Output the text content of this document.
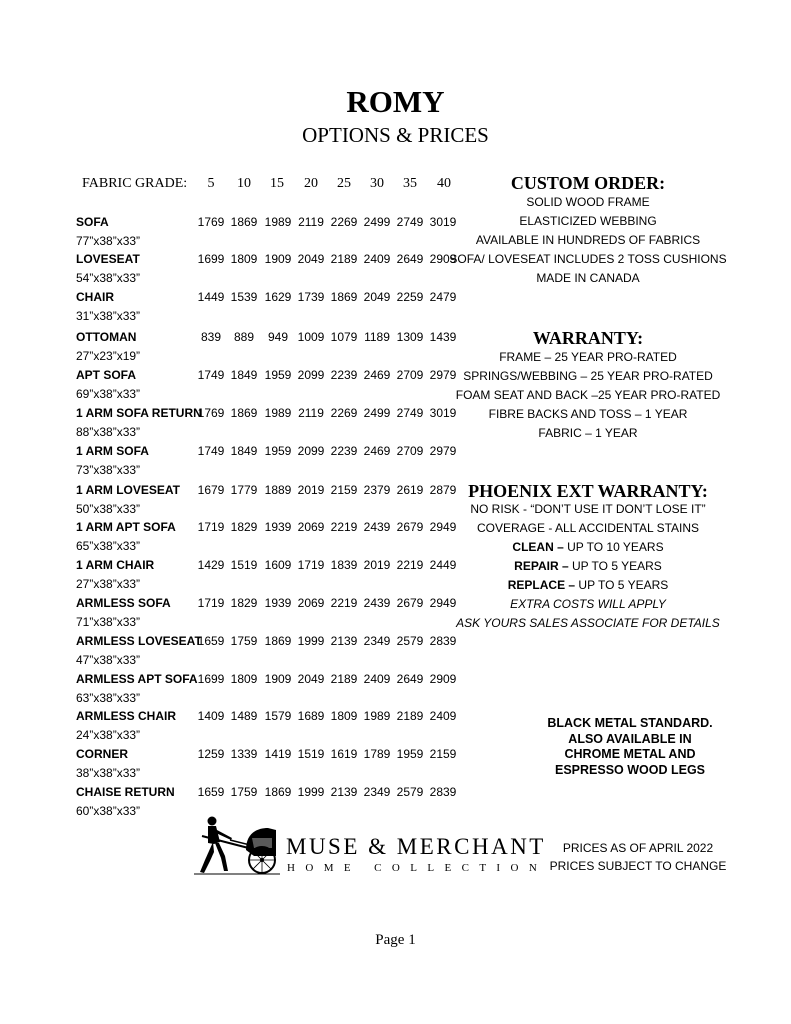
ROMY
OPTIONS & PRICES
FABRIC GRADE:	5	10	15	20	25	30	35	40
SOFA
77”x38”x33”
1769 1869 1989 2119 2269 2499 2749 3019
LOVESEAT
54”x38”x33”
1699 1809 1909 2049 2189 2409 2649 2909
CHAIR
31”x38”x33”
1449 1539 1629 1739 1869 2049 2259 2479
OTTOMAN
27”x23”x19”
839	889	949 1009 1079 1189 1309 1439
APT SOFA
69”x38”x33”
1749 1849 1959 2099 2239 2469 2709 2979
1 ARM SOFA RETURN
88”x38”x33”
1769 1869 1989 2119 2269 2499 2749 3019
1 ARM SOFA
73”x38”x33”
1749 1849 1959 2099 2239 2469 2709 2979
1 ARM LOVESEAT
50”x38”x33”
1679 1779 1889 2019 2159 2379 2619 2879
1 ARM APT SOFA
65”x38”x33”
1719 1829 1939 2069 2219 2439 2679 2949
1 ARM CHAIR
27”x38”x33”
1429 1519 1609 1719 1839 2019 2219 2449
ARMLESS SOFA
71”x38”x33”
1719 1829 1939 2069 2219 2439 2679 2949
ARMLESS LOVESEAT
47”x38”x33”
1659 1759 1869 1999 2139 2349 2579 2839
ARMLESS APT SOFA
63”x38”x33”
1699 1809 1909 2049 2189 2409 2649 2909
ARMLESS CHAIR
24”x38”x33”
1409 1489 1579 1689 1809 1989 2189 2409
CORNER
38”x38”x33”
1259 1339 1419 1519 1619 1789 1959 2159
CHAISE RETURN
60”x38”x33”
1659 1759 1869 1999 2139 2349 2579 2839
CUSTOM ORDER:
SOLID WOOD FRAME
ELASTICIZED WEBBING
AVAILABLE IN HUNDREDS OF FABRICS
SOFA/ LOVESEAT INCLUDES 2 TOSS CUSHIONS
MADE IN CANADA
WARRANTY:
FRAME – 25 YEAR PRO-RATED
SPRINGS/WEBBING – 25 YEAR PRO-RATED
FOAM SEAT AND BACK –25 YEAR PRO-RATED
FIBRE BACKS AND TOSS – 1 YEAR
FABRIC – 1 YEAR
PHOENIX EXT WARRANTY:
NO RISK - “DON’T USE IT DON’T LOSE IT”
COVERAGE - ALL ACCIDENTAL STAINS
CLEAN – UP TO 10 YEARS
REPAIR – UP TO 5 YEARS
REPLACE – UP TO 5 YEARS
EXTRA COSTS WILL APPLY
ASK YOURS SALES ASSOCIATE FOR DETAILS
BLACK METAL STANDARD.
ALSO AVAILABLE IN
CHROME METAL AND
ESPRESSO WOOD LEGS
MUSE & MERCHANT
HOME COLLECTION
PRICES AS OF APRIL 2022
PRICES SUBJECT TO CHANGE
Page 1
